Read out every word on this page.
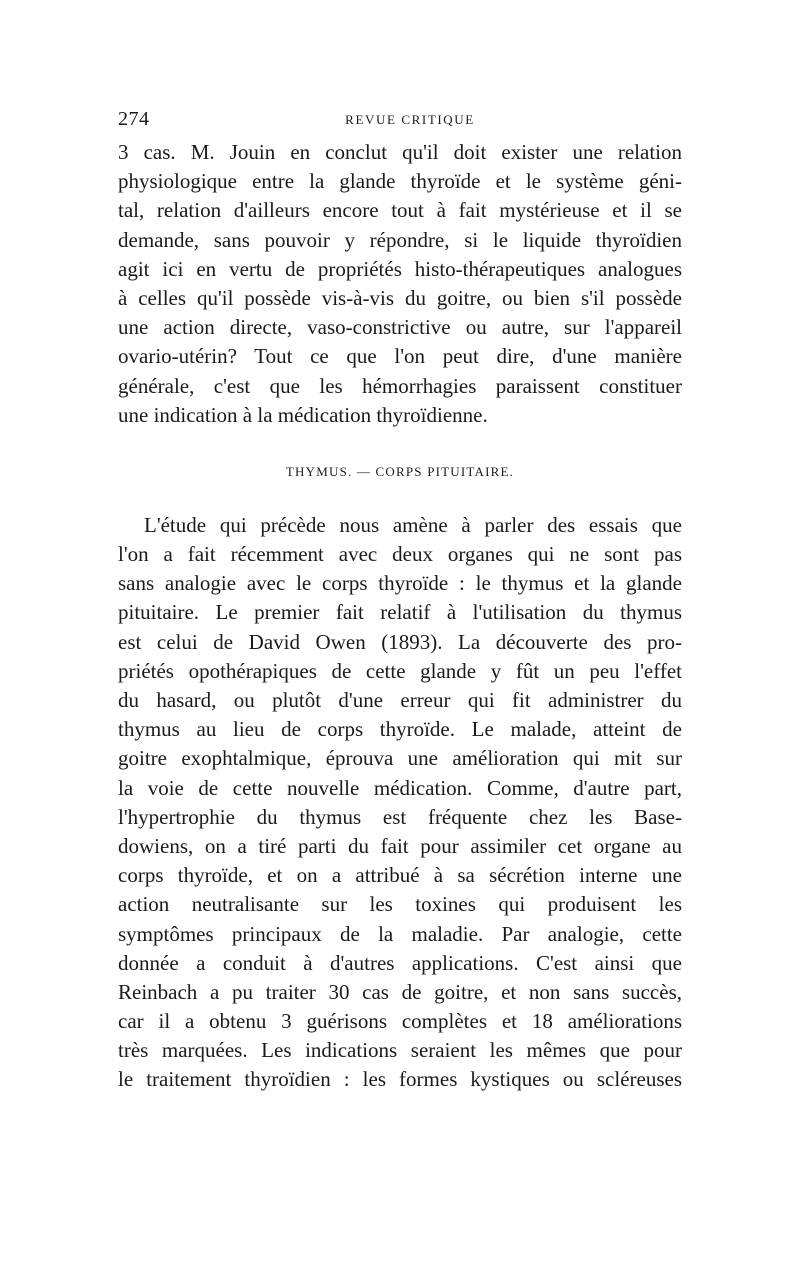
274	REVUE CRITIQUE
3 cas. M. Jouin en conclut qu'il doit exister une relation
physiologique entre la glande thyroïde et le système géni-
tal, relation d'ailleurs encore tout à fait mystérieuse et il se
demande, sans pouvoir y répondre, si le liquide thyroïdien
agit ici en vertu de propriétés histo-thérapeutiques analogues
à celles qu'il possède vis-à-vis du goitre, ou bien s'il possède
une action directe, vaso-constrictive ou autre, sur l'appareil
ovario-utérin? Tout ce que l'on peut dire, d'une manière
générale, c'est que les hémorrhagies paraissent constituer
une indication à la médication thyroïdienne.
THYMUS. — CORPS PITUITAIRE.
L'étude qui précède nous amène à parler des essais que
l'on a fait récemment avec deux organes qui ne sont pas
sans analogie avec le corps thyroïde : le thymus et la glande
pituitaire. Le premier fait relatif à l'utilisation du thymus
est celui de David Owen (1893). La découverte des pro-
priétés opothérapiques de cette glande y fût un peu l'effet
du hasard, ou plutôt d'une erreur qui fit administrer du
thymus au lieu de corps thyroïde. Le malade, atteint de
goitre exophtalmique, éprouva une amélioration qui mit sur
la voie de cette nouvelle médication. Comme, d'autre part,
l'hypertrophie du thymus est fréquente chez les Base-
dowiens, on a tiré parti du fait pour assimiler cet organe au
corps thyroïde, et on a attribué à sa sécrétion interne une
action neutralisante sur les toxines qui produisent les
symptômes principaux de la maladie. Par analogie, cette
donnée a conduit à d'autres applications. C'est ainsi que
Reinbach a pu traiter 30 cas de goitre, et non sans succès,
car il a obtenu 3 guérisons complètes et 18 améliorations
très marquées. Les indications seraient les mêmes que pour
le traitement thyroïdien : les formes kystiques ou scléreuses
